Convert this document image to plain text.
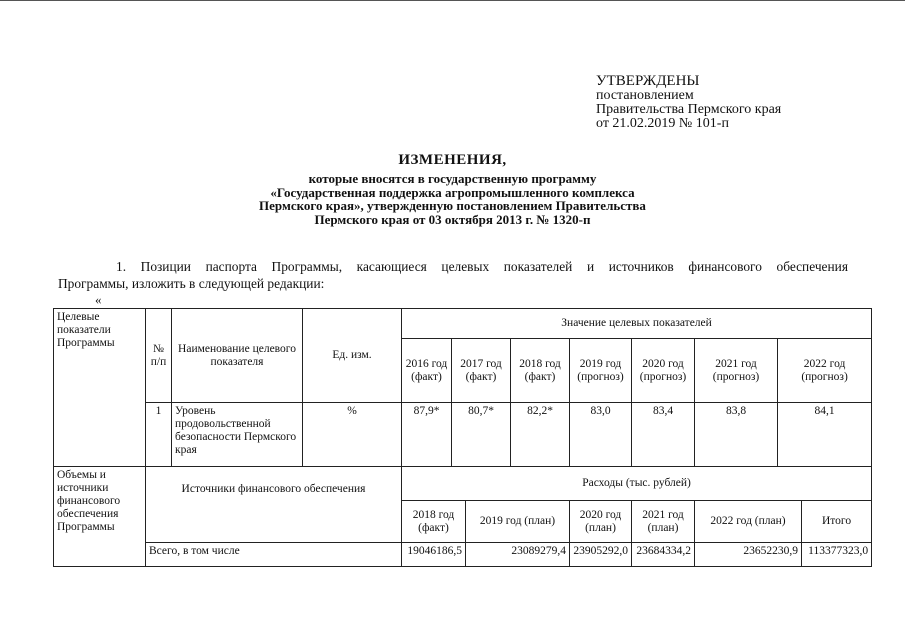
УТВЕРЖДЕНЫ
постановлением
Правительства Пермского края
от 21.02.2019 № 101-п
ИЗМЕНЕНИЯ,
которые вносятся в государственную программу
«Государственная поддержка агропромышленного комплекса
Пермского края», утвержденную постановлением Правительства
Пермского края от 03 октября 2013 г. № 1320-п
1. Позиции паспорта Программы, касающиеся целевых показателей и источников финансового обеспечения
Программы, изложить в следующей редакции:
«
Целевые показатели Программы	№ п/п	Наименование целевого показателя	Ед. изм.	Значение целевых показателей								
				2016 год (факт)	2017 год (факт)		2018 год (факт)	2019 год (прогноз)	2020 год (прогноз)	2021 год (прогноз)	2022 год (прогноз)	
	1	Уровень продовольственной безопасности Пермского края	%	87,9*	80,7*		82,2*	83,0	83,4	83,8	84,1	
Объемы и источники финансового обеспечения Программы	Источники финансового обеспечения			Расходы (тыс. рублей)								
				2018 год (факт)		2019 год (план)		2020 год (план)	2021 год (план)	2022 год (план)		Итого
	Всего, в том числе			19046186,5		23089279,4		23905292,0	23684334,2	23652230,9		113377323,0
